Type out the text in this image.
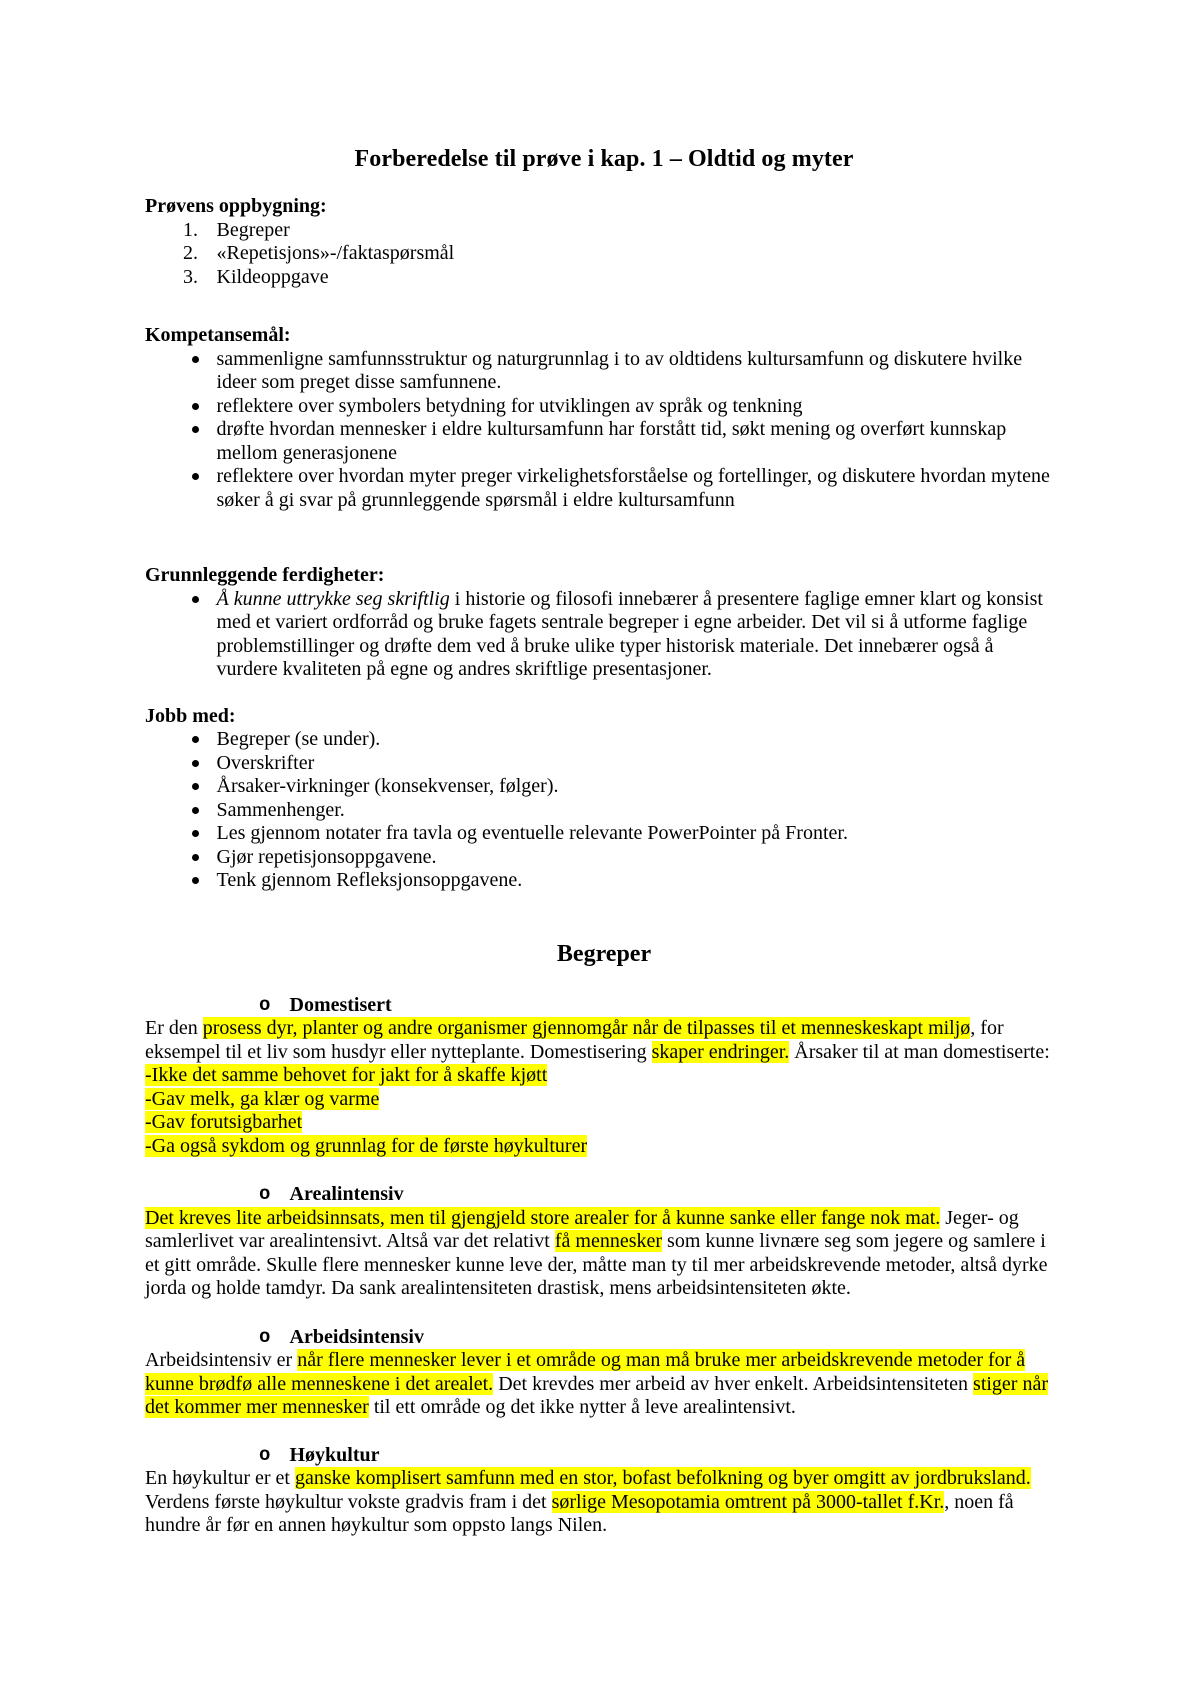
Forberedelse til prøve i kap. 1 – Oldtid og myter
Prøvens oppbygning:
1. Begreper
2. «Repetisjons»-/faktaspørsmål
3. Kildeoppgave
Kompetansemål:
sammenligne samfunnsstruktur og naturgrunnlag i to av oldtidens kultursamfunn og diskutere hvilke
ideer som preget disse samfunnene.
reflektere over symbolers betydning for utviklingen av språk og tenkning
drøfte hvordan mennesker i eldre kultursamfunn har forstått tid, søkt mening og overført kunnskap
mellom generasjonene
reflektere over hvordan myter preger virkelighetsforståelse og fortellinger, og diskutere hvordan mytene
søker å gi svar på grunnleggende spørsmål i eldre kultursamfunn
Grunnleggende ferdigheter:
Å kunne uttrykke seg skriftlig i historie og filosofi innebærer å presentere faglige emner klart og konsist
med et variert ordforråd og bruke fagets sentrale begreper i egne arbeider. Det vil si å utforme faglige
problemstillinger og drøfte dem ved å bruke ulike typer historisk materiale. Det innebærer også å
vurdere kvaliteten på egne og andres skriftlige presentasjoner.
Jobb med:
Begreper (se under).
Overskrifter
Årsaker-virkninger (konsekvenser, følger).
Sammenhenger.
Les gjennom notater fra tavla og eventuelle relevante PowerPointer på Fronter.
Gjør repetisjonsoppgavene.
Tenk gjennom Refleksjonsoppgavene.
Begreper
o Domestisert
Er den prosess dyr, planter og andre organismer gjennomgår når de tilpasses til et menneskeskapt miljø, for
eksempel til et liv som husdyr eller nytteplante. Domestisering skaper endringer. Årsaker til at man domestiserte:
-Ikke det samme behovet for jakt for å skaffe kjøtt
-Gav melk, ga klær og varme
-Gav forutsigbarhet
-Ga også sykdom og grunnlag for de første høykulturer
o Arealintensiv
Det kreves lite arbeidsinnsats, men til gjengjeld store arealer for å kunne sanke eller fange nok mat. Jeger- og
samlerlivet var arealintensivt. Altså var det relativt få mennesker som kunne livnære seg som jegere og samlere i
et gitt område. Skulle flere mennesker kunne leve der, måtte man ty til mer arbeidskrevende metoder, altså dyrke
jorda og holde tamdyr. Da sank arealintensiteten drastisk, mens arbeidsintensiteten økte.
o Arbeidsintensiv
Arbeidsintensiv er når flere mennesker lever i et område og man må bruke mer arbeidskrevende metoder for å
kunne brødfø alle menneskene i det arealet. Det krevdes mer arbeid av hver enkelt. Arbeidsintensiteten stiger når
det kommer mer mennesker til ett område og det ikke nytter å leve arealintensivt.
o Høykultur
En høykultur er et ganske komplisert samfunn med en stor, bofast befolkning og byer omgitt av jordbruksland.
Verdens første høykultur vokste gradvis fram i det sørlige Mesopotamia omtrent på 3000-tallet f.Kr., noen få
hundre år før en annen høykultur som oppsto langs Nilen.
